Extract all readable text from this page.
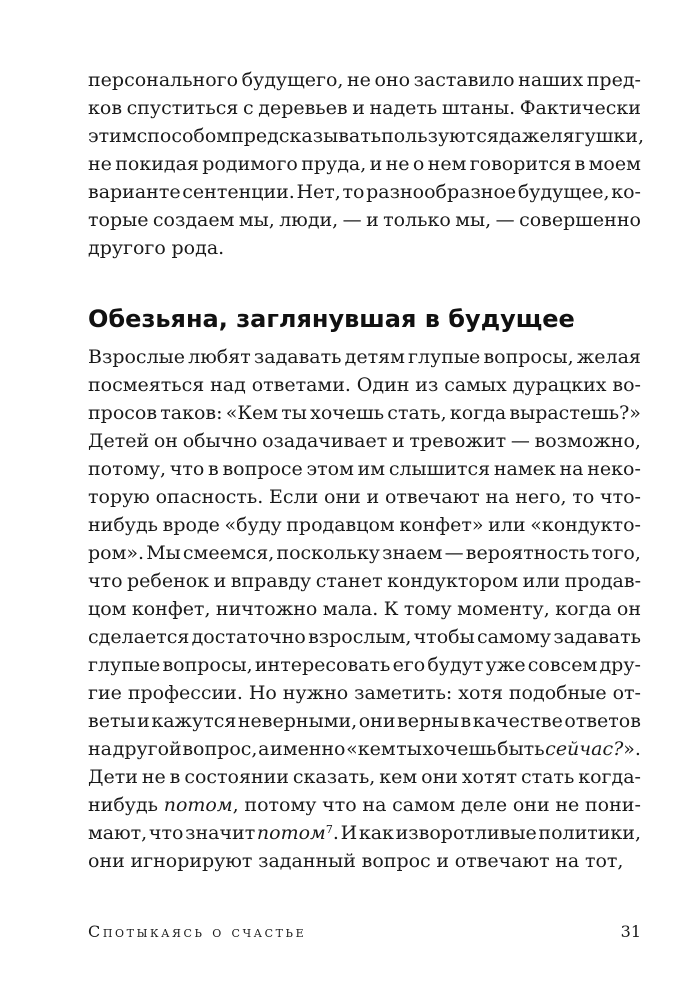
персонального будущего, не оно заставило наших пред-
ков спуститься с деревьев и надеть штаны. Фактически
этим способом предсказывать пользуются даже лягушки,
не покидая родимого пруда, и не о нем говорится в моем
варианте сентенции. Нет, то разнообразное будущее, ко-
торые создаем мы, люди, — и только мы, — совершенно
другого рода.
Обезьяна, заглянувшая в будущее
Взрослые любят задавать детям глупые вопросы, желая
посмеяться над ответами. Один из самых дурацких во-
просов таков: «Кем ты хочешь стать, когда вырастешь?»
Детей он обычно озадачивает и тревожит — возможно,
потому, что в вопросе этом им слышится намек на неко-
торую опасность. Если они и отвечают на него, то что-
нибудь вроде «буду продавцом конфет» или «кондукто-
ром». Мы смеемся, поскольку знаем — вероятность того,
что ребенок и вправду станет кондуктором или продав-
цом конфет, ничтожно мала. К тому моменту, когда он
сделается достаточно взрослым, чтобы самому задавать
глупые вопросы, интересовать его будут уже совсем дру-
гие профессии. Но нужно заметить: хотя подобные от-
веты и кажутся неверными, они верны в качестве ответов
на другой вопрос, а именно «кем ты хочешь быть сейчас?».
Дети не в состоянии сказать, кем они хотят стать когда-
нибудь потом, потому что на самом деле они не пони-
мают, что значит потом$^7$. И как изворотливые политики,
они игнорируют заданный вопрос и отвечают на тот,
Спотыкаясь о счастье	31
